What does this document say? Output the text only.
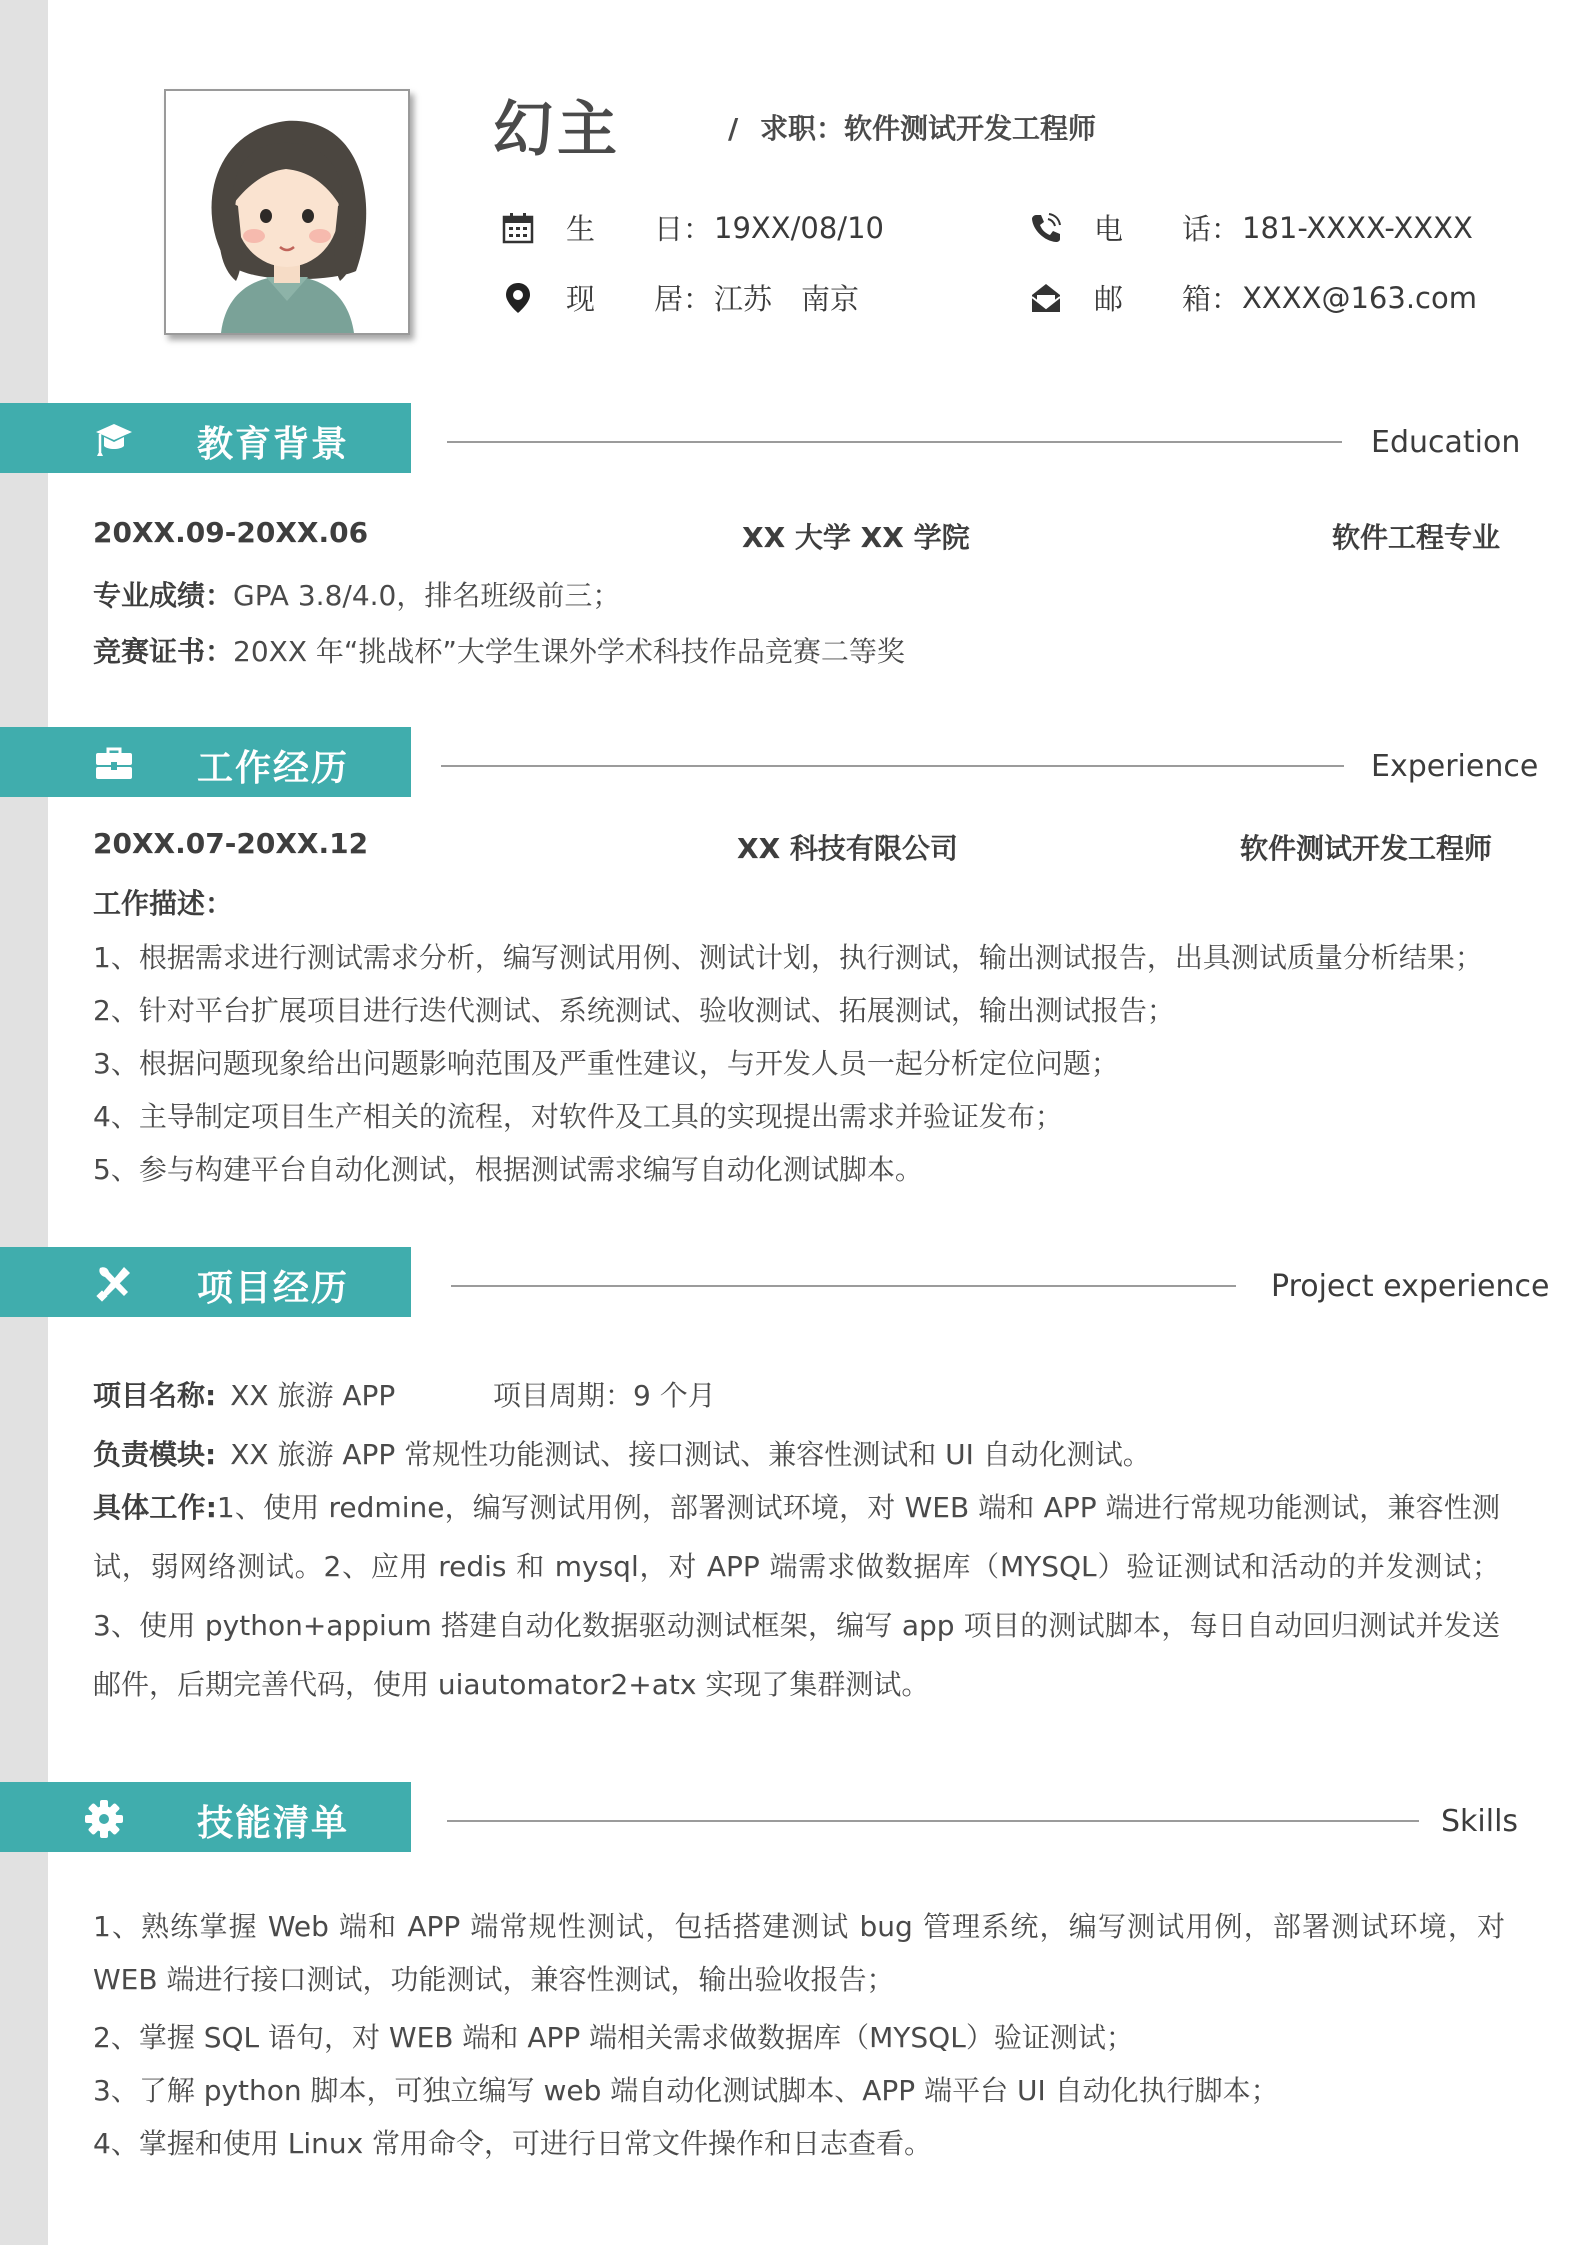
幻主	/ 求职：软件测试开发工程师
生 日： 19XX/08/10	电 话： 181-XXXX-XXXX
现 居： 江苏　南京	邮 箱： XXXX@163.com
教育背景	Education
20XX.09-20XX.06	XX 大学 XX 学院	软件工程专业
专业成绩：GPA 3.8/4.0，排名班级前三；
竞赛证书：20XX 年“挑战杯”大学生课外学术科技作品竞赛二等奖
工作经历	Experience
20XX.07-20XX.12	XX 科技有限公司	软件测试开发工程师
工作描述：
1、根据需求进行测试需求分析，编写测试用例、测试计划，执行测试，输出测试报告，出具测试质量分析结果；
2、针对平台扩展项目进行迭代测试、系统测试、验收测试、拓展测试，输出测试报告；
3、根据问题现象给出问题影响范围及严重性建议，与开发人员一起分析定位问题；
4、主导制定项目生产相关的流程，对软件及工具的实现提出需求并验证发布；
5、参与构建平台自动化测试，根据测试需求编写自动化测试脚本。
项目经历	Project experience
项目名称: XX 旅游 APP	项目周期：9 个月
负责模块: XX 旅游 APP 常规性功能测试、接口测试、兼容性测试和 UI 自动化测试。
具体工作:1、使用 redmine，编写测试用例，部署测试环境，对 WEB 端和 APP 端进行常规功能测试，兼容性测试，弱网络测试。2、应用 redis 和 mysql，对 APP 端需求做数据库（MYSQL）验证测试和活动的并发测试；3、使用 python+appium 搭建自动化数据驱动测试框架，编写 app 项目的测试脚本，每日自动回归测试并发送邮件，后期完善代码，使用 uiautomator2+atx 实现了集群测试。
技能清单	Skills
1、熟练掌握 Web 端和 APP 端常规性测试，包括搭建测试 bug 管理系统，编写测试用例，部署测试环境，对 WEB 端进行接口测试，功能测试，兼容性测试，输出验收报告；
2、掌握 SQL 语句，对 WEB 端和 APP 端相关需求做数据库（MYSQL）验证测试；
3、了解 python 脚本，可独立编写 web 端自动化测试脚本、APP 端平台 UI 自动化执行脚本；
4、掌握和使用 Linux 常用命令，可进行日常文件操作和日志查看。
